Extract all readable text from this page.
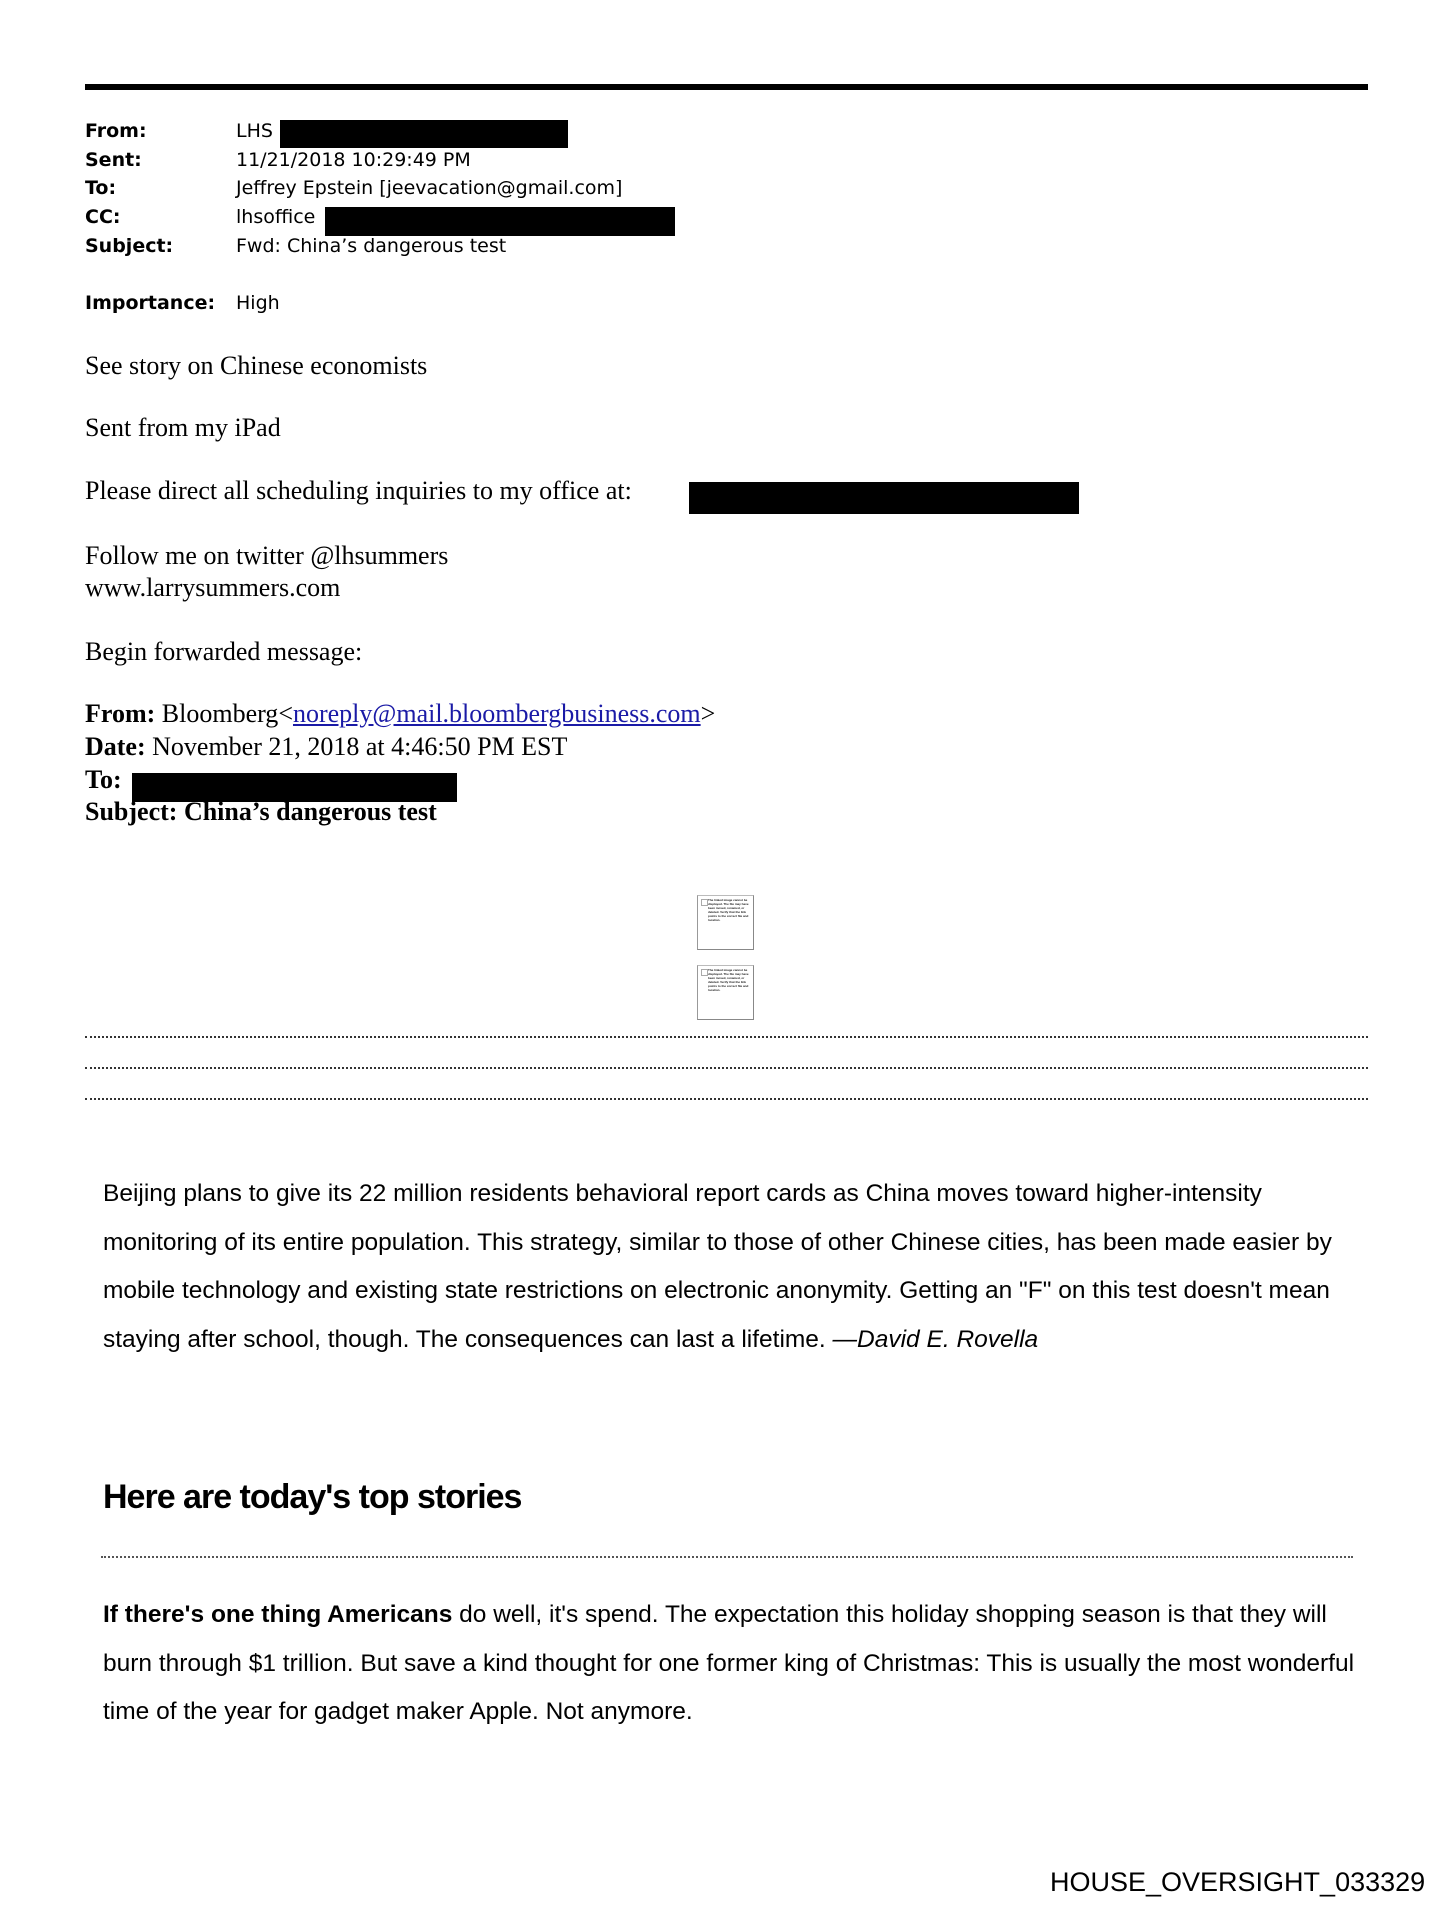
From:	LHS
Sent:	11/21/2018 10:29:49 PM
To:	Jeffrey Epstein [jeevacation@gmail.com]
CC:	lhsoffice
Subject:	Fwd: China’s dangerous test
Importance: High
See story on Chinese economists
Sent from my iPad
Please direct all scheduling inquiries to my office at:
Follow me on twitter @lhsummers
www.larrysummers.com
Begin forwarded message:
From: Bloomberg<noreply@mail.bloombergbusiness.com>
Date: November 21, 2018 at 4:46:50 PM EST
To:
Subject: China’s dangerous test
The linked image cannot be displayed. The file may have been moved, renamed, or deleted. Verify that the link points to the correct file and location.
The linked image cannot be displayed. The file may have been moved, renamed, or deleted. Verify that the link points to the correct file and location.
Beijing plans to give its 22 million residents behavioral report cards as China moves toward higher-intensity monitoring of its entire population. This strategy, similar to those of other Chinese cities, has been made easier by mobile technology and existing state restrictions on electronic anonymity. Getting an "F" on this test doesn't mean staying after school, though. The consequences can last a lifetime. —David E. Rovella
Here are today's top stories
If there's one thing Americans do well, it's spend. The expectation this holiday shopping season is that they will burn through $1 trillion. But save a kind thought for one former king of Christmas: This is usually the most wonderful time of the year for gadget maker Apple. Not anymore.
HOUSE_OVERSIGHT_033329
